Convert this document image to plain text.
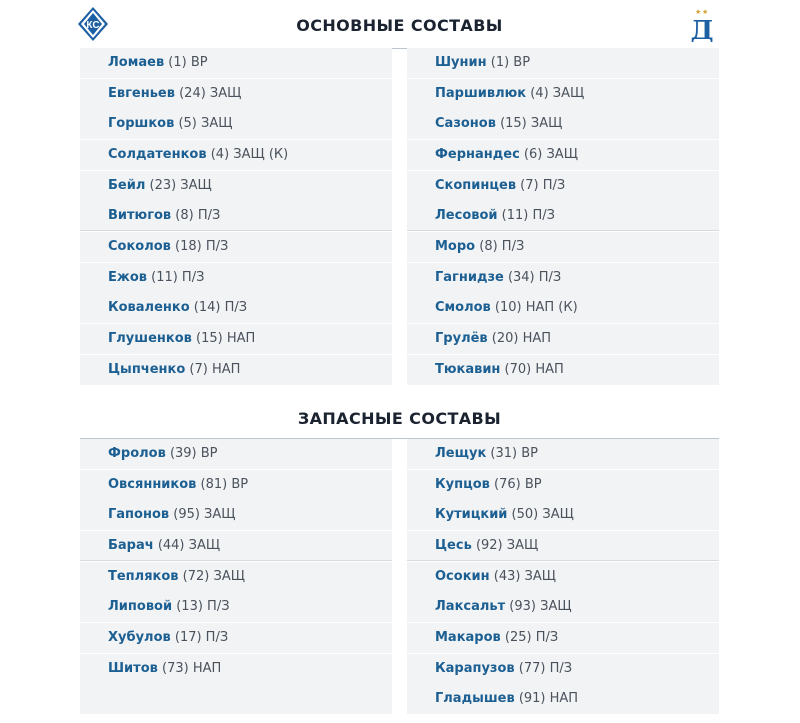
КС	ОСНОВНЫЕ СОСТАВЫ
★ ★
Д
Ломаев (1) ВР
Евгеньев (24) ЗАЩ
Горшков (5) ЗАЩ
Солдатенков (4) ЗАЩ (К)
Бейл (23) ЗАЩ
Витюгов (8) П/З
Соколов (18) П/З
Ежов (11) П/З
Коваленко (14) П/З
Глушенков (15) НАП
Цыпченко (7) НАП
Шунин (1) ВР
Паршивлюк (4) ЗАЩ
Сазонов (15) ЗАЩ
Фернандес (6) ЗАЩ
Скопинцев (7) П/З
Лесовой (11) П/З
Моро (8) П/З
Гагнидзе (34) П/З
Смолов (10) НАП (К)
Грулёв (20) НАП
Тюкавин (70) НАП
ЗАПАСНЫЕ СОСТАВЫ
Фролов (39) ВР
Овсянников (81) ВР
Гапонов (95) ЗАЩ
Барач (44) ЗАЩ
Тепляков (72) ЗАЩ
Липовой (13) П/З
Хубулов (17) П/З
Шитов (73) НАП
Лещук (31) ВР
Купцов (76) ВР
Кутицкий (50) ЗАЩ
Цесь (92) ЗАЩ
Осокин (43) ЗАЩ
Лаксальт (93) ЗАЩ
Макаров (25) П/З
Карапузов (77) П/З
Гладышев (91) НАП
